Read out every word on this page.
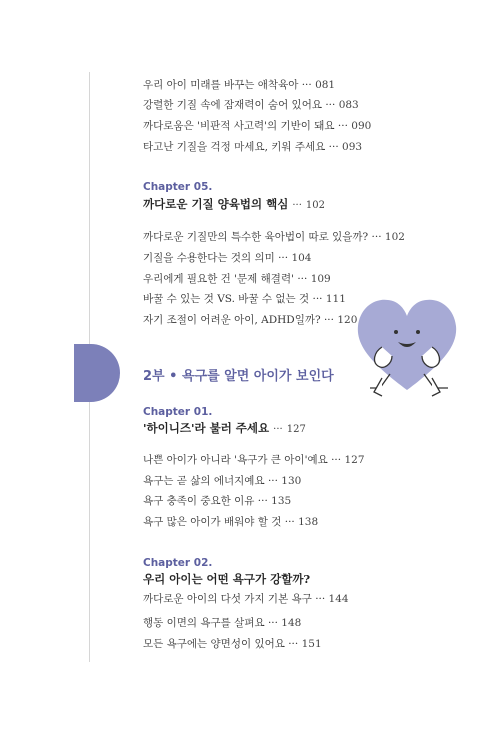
우리 아이 미래를 바꾸는 애착육아 ··· 081
강렬한 기질 속에 잠재력이 숨어 있어요 ··· 083
까다로움은 '비판적 사고력'의 기반이 돼요 ··· 090
타고난 기질을 걱정 마세요, 키워 주세요 ··· 093
Chapter 05.
까다로운 기질 양육법의 핵심 ··· 102
까다로운 기질만의 특수한 육아법이 따로 있을까? ··· 102
기질을 수용한다는 것의 의미 ··· 104
우리에게 필요한 건 '문제 해결력' ··· 109
바꿀 수 있는 것 VS. 바꿀 수 없는 것 ··· 111
자기 조절이 어려운 아이, ADHD일까? ··· 120
2부 • 욕구를 알면 아이가 보인다
Chapter 01.
'하이니즈'라 불러 주세요 ··· 127
나쁜 아이가 아니라 '욕구가 큰 아이'예요 ··· 127
욕구는 곧 삶의 에너지예요 ··· 130
욕구 충족이 중요한 이유 ··· 135
욕구 많은 아이가 배워야 할 것 ··· 138
Chapter 02.
우리 아이는 어떤 욕구가 강할까?
까다로운 아이의 다섯 가지 기본 욕구 ··· 144
행동 이면의 욕구를 살펴요 ··· 148
모든 욕구에는 양면성이 있어요 ··· 151
